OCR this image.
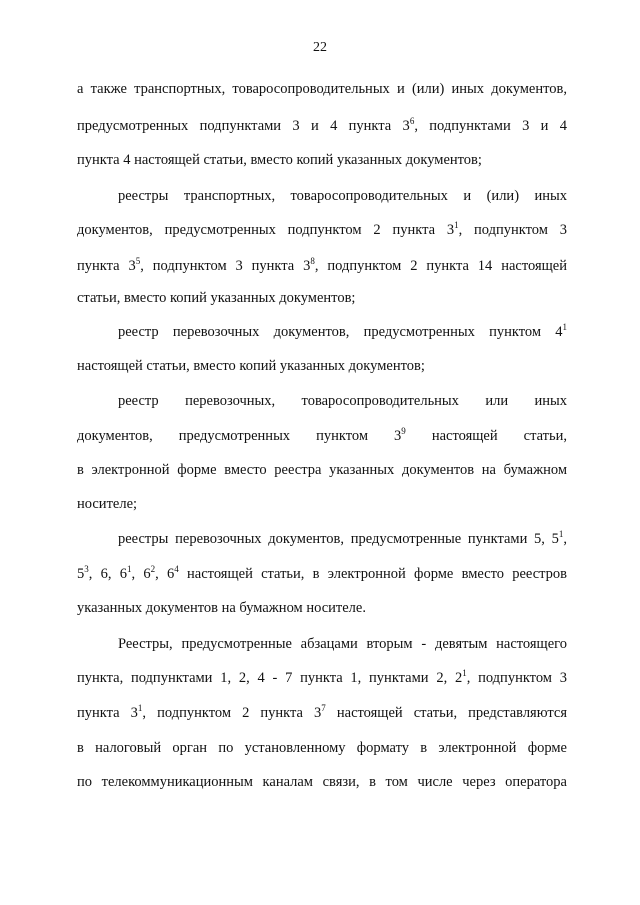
22
а также транспортных, товаросопроводительных и (или) иных документов,
предусмотренных подпунктами 3 и 4 пункта $3^6$, подпунктами 3 и 4
пункта 4 настоящей статьи, вместо копий указанных документов;
реестры транспортных, товаросопроводительных и (или) иных
документов, предусмотренных подпунктом 2 пункта $3^1$, подпунктом 3
пункта $3^5$, подпунктом 3 пункта $3^8$, подпунктом 2 пункта 14 настоящей
статьи, вместо копий указанных документов;
реестр перевозочных документов, предусмотренных пунктом $4^1$
настоящей статьи, вместо копий указанных документов;
реестр перевозочных, товаросопроводительных или иных
документов, предусмотренных пунктом $3^9$ настоящей статьи,
в электронной форме вместо реестра указанных документов на бумажном
носителе;
реестры перевозочных документов, предусмотренные пунктами 5, $5^1$,
$5^3$, 6, $6^1$, $6^2$, $6^4$ настоящей статьи, в электронной форме вместо реестров
указанных документов на бумажном носителе.
Реестры, предусмотренные абзацами вторым - девятым настоящего
пункта, подпунктами 1, 2, 4 - 7 пункта 1, пунктами 2, $2^1$, подпунктом 3
пункта $3^1$, подпунктом 2 пункта $3^7$ настоящей статьи, представляются
в налоговый орган по установленному формату в электронной форме
по телекоммуникационным каналам связи, в том числе через оператора
